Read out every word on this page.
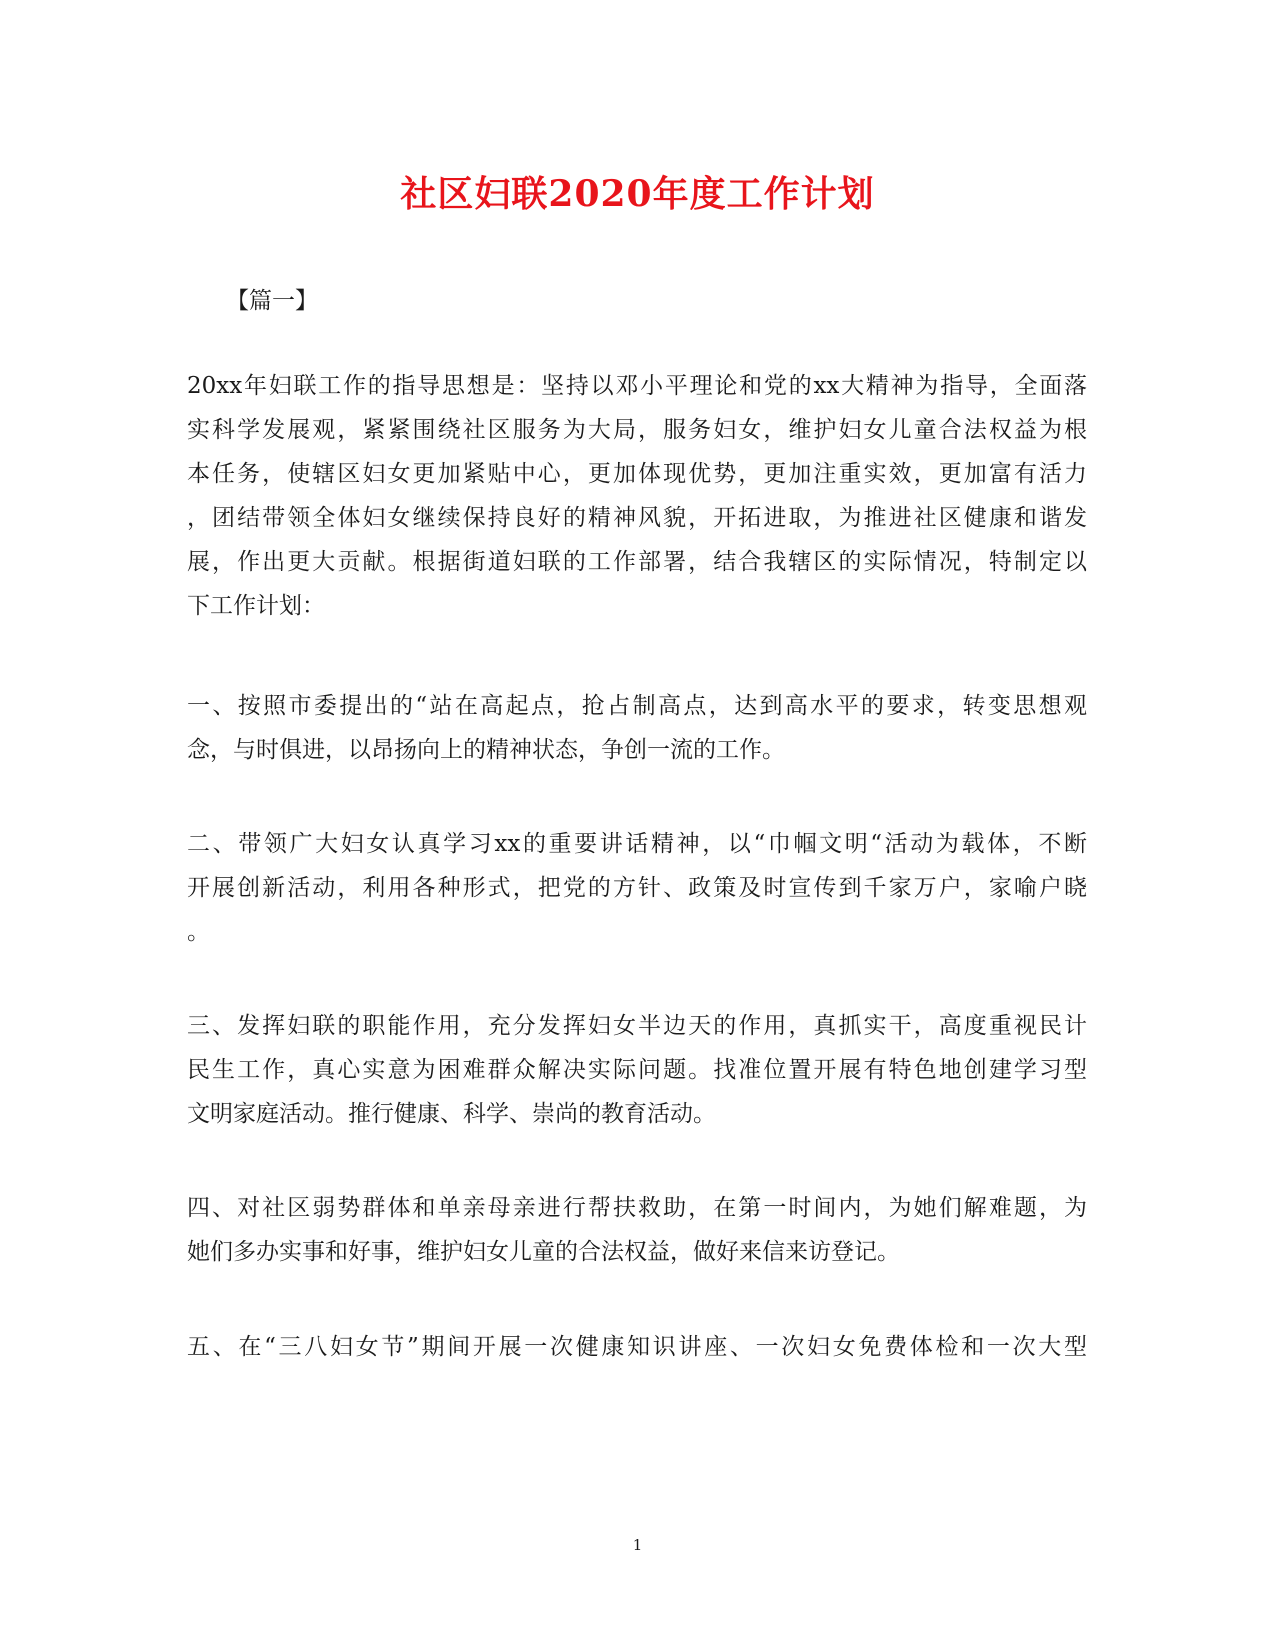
社区妇联2020年度工作计划
【篇一】
20xx年妇联工作的指导思想是：坚持以邓小平理论和党的xx大精神为指导，全面落
实科学发展观，紧紧围绕社区服务为大局，服务妇女，维护妇女儿童合法权益为根
本任务，使辖区妇女更加紧贴中心，更加体现优势，更加注重实效，更加富有活力
，团结带领全体妇女继续保持良好的精神风貌，开拓进取，为推进社区健康和谐发
展，作出更大贡献。根据街道妇联的工作部署，结合我辖区的实际情况，特制定以
下工作计划：
一、按照市委提出的“站在高起点，抢占制高点，达到高水平的要求，转变思想观
念，与时俱进，以昂扬向上的精神状态，争创一流的工作。
二、带领广大妇女认真学习xx的重要讲话精神，以“巾帼文明“活动为载体，不断
开展创新活动，利用各种形式，把党的方针、政策及时宣传到千家万户，家喻户晓
。
三、发挥妇联的职能作用，充分发挥妇女半边天的作用，真抓实干，高度重视民计
民生工作，真心实意为困难群众解决实际问题。找准位置开展有特色地创建学习型
文明家庭活动。推行健康、科学、崇尚的教育活动。
四、对社区弱势群体和单亲母亲进行帮扶救助，在第一时间内，为她们解难题，为
她们多办实事和好事，维护妇女儿童的合法权益，做好来信来访登记。
五、在“三八妇女节”期间开展一次健康知识讲座、一次妇女免费体检和一次大型
1
